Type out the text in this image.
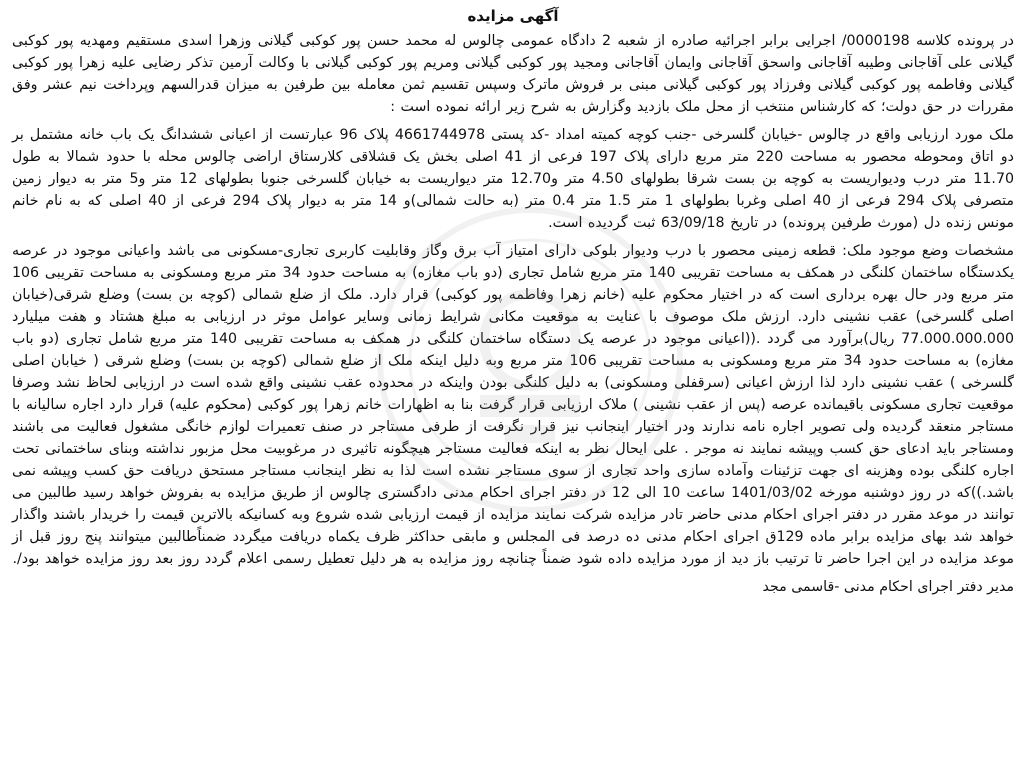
آگهی مزایده

در پرونده کلاسه 0000198/ اجرایی برابر اجرائیه صادره از شعبه 2 دادگاه عمومی چالوس له محمد حسن پور کوکبی گیلانی وزهرا اسدی مستقیم ومهدیه پور کوکبی گیلانی علی آقاجانی وطیبه آقاجانی واسحق آقاجانی وایمان آقاجانی ومجید پور کوکبی گیلانی ومریم پور کوکبی گیلانی با وکالت آرمین تذکر رضایی علیه زهرا پور کوکبی گیلانی وفاطمه پور کوکبی گیلانی وفرزاد پور کوکبی گیلانی مبنی بر فروش ماترک وسپس تقسیم ثمن معامله بین طرفین به میزان قدرالسهم وپرداخت نیم عشر وفق مقررات در حق دولت؛ که کارشناس منتخب از محل ملک بازدید وگزارش به شرح زیر ارائه نموده است :

ملک مورد ارزیابی واقع در چالوس -خیابان گلسرخی -جنب کوچه کمیته امداد -کد پستی 4661744978 پلاک 96 عبارتست از اعیانی ششدانگ یک باب خانه مشتمل بر دو اتاق ومحوطه محصور به مساحت 220 متر مربع دارای پلاک 197 فرعی از 41 اصلی بخش یک قشلاقی کلارستاق اراضی چالوس محله با حدود شمالا به طول 11.70 متر درب ودیواریست به کوچه بن بست شرقا بطولهای 4.50 متر و12.70 متر دیواریست به خیابان گلسرخی جنوبا بطولهای 12 متر و5 متر به دیوار زمین متصرفی پلاک 294 فرعی از 40 اصلی وغربا بطولهای 1 متر 1.5 متر 0.4 متر (به حالت شمالی)و 14 متر به دیوار پلاک 294 فرعی از 40 اصلی که به نام خانم مونس زنده دل (مورث طرفین پرونده) در تاریخ 63/09/18 ثبت گردیده است.

مشخصات وضع موجود ملک: قطعه زمینی محصور با درب ودیوار بلوکی دارای امتیاز آب برق وگاز وقابلیت کاربری تجاری-مسکونی می باشد واعیانی موجود در عرصه یکدستگاه ساختمان کلنگی در همکف به مساحت تقریبی 140 متر مربع شامل تجاری (دو باب مغازه) به مساحت حدود 34 متر مربع ومسکونی به مساحت تقریبی 106 متر مربع ودر حال بهره برداری است که در اختیار محکوم علیه (خانم زهرا وفاطمه پور کوکبی) قرار دارد. ملک از ضلع شمالی (کوچه بن بست) وضلع شرقی(خیابان اصلی گلسرخی) عقب نشینی دارد. ارزش ملک موصوف با عنایت به موقعیت مکانی شرایط زمانی وسایر عوامل موثر در ارزیابی به مبلغ هشتاد و هفت میلیارد 77.000.000.000 ریال)برآورد می گردد .((اعیانی موجود در عرصه یک دستگاه ساختمان کلنگی در همکف به مساحت تقریبی 140 متر مربع شامل تجاری (دو باب مغازه) به مساحت حدود 34 متر مربع ومسکونی به مساحت تقریبی 106 متر مربع وبه دلیل اینکه ملک از ضلع شمالی (کوچه بن بست) وضلع شرقی ( خیابان اصلی گلسرخی ) عقب نشینی دارد لذا ارزش اعیانی (سرقفلی ومسکونی) به دلیل کلنگی بودن واینکه در محدوده عقب نشینی واقع شده است در ارزیابی لحاظ نشد وصرفا موقعیت تجاری مسکونی باقیمانده عرصه (پس از عقب نشینی ) ملاک ارزیابی قرار گرفت بنا به اظهارات خانم زهرا پور کوکبی (محکوم علیه) قرار دارد اجاره سالیانه با مستاجر منعقد گردیده ولی تصویر اجاره نامه ندارند ودر اختیار اینجانب نیز قرار نگرفت از طرفی مستاجر در صنف تعمیرات لوازم خانگی مشغول فعالیت می باشند ومستاجر باید ادعای حق کسب وپیشه نمایند نه موجر . علی ایحال نظر به اینکه فعالیت مستاجر هیچگونه تاثیری در مرغوبیت محل مزبور نداشته وبنای ساختمانی تحت اجاره کلنگی بوده وهزینه ای جهت تزئینات وآماده سازی واحد تجاری از سوی مستاجر نشده است لذا به نظر اینجانب مستاجر مستحق دریافت حق کسب وپیشه نمی باشد.))که در روز دوشنبه مورخه 1401/03/02 ساعت 10 الی 12 در دفتر اجرای احکام مدنی دادگستری چالوس از طریق مزایده به بفروش خواهد رسید طالبین می توانند در موعد مقرر در دفتر اجرای احکام مدنی حاضر تادر مزایده شرکت نمایند مزایده از قیمت ارزیابی شده شروع وبه کسانیکه بالاترین قیمت را خریدار باشند واگذار خواهد شد بهای مزایده برابر ماده 129ق اجرای احکام مدنی ده درصد فی المجلس و مابقی حداکثر ظرف یکماه دریافت میگردد ضمناًطالبین میتوانند پنج روز قبل از موعد مزایده در این اجرا حاضر تا ترتیب باز دید از مورد مزایده داده شود ضمناً چنانچه روز مزایده به هر دلیل تعطیل رسمی اعلام گردد روز بعد روز مزایده خواهد بود/.

مدیر دفتر اجرای احکام مدنی -قاسمی مجد
